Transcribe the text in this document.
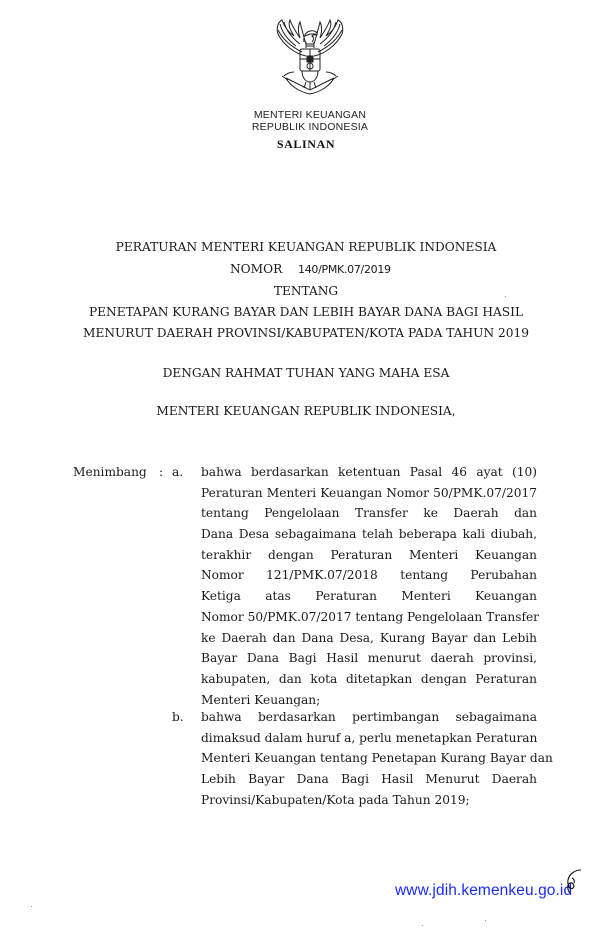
MENTERI KEUANGAN
REPUBLIK INDONESIA
SALINAN
PERATURAN MENTERI KEUANGAN REPUBLIK INDONESIA
NOMOR 140/PMK.07/2019
TENTANG
PENETAPAN KURANG BAYAR DAN LEBIH BAYAR DANA BAGI HASIL
MENURUT DAERAH PROVINSI/KABUPATEN/KOTA PADA TAHUN 2019
DENGAN RAHMAT TUHAN YANG MAHA ESA
MENTERI KEUANGAN REPUBLIK INDONESIA,
Menimbang : a. bahwa berdasarkan ketentuan Pasal 46 ayat (10)
Peraturan Menteri Keuangan Nomor 50/PMK.07/2017
tentang Pengelolaan Transfer ke Daerah dan
Dana Desa sebagaimana telah beberapa kali diubah,
terakhir dengan Peraturan Menteri Keuangan
Nomor 121/PMK.07/2018 tentang Perubahan
Ketiga atas Peraturan Menteri Keuangan
Nomor 50/PMK.07/2017 tentang Pengelolaan Transfer
ke Daerah dan Dana Desa, Kurang Bayar dan Lebih
Bayar Dana Bagi Hasil menurut daerah provinsi,
kabupaten, dan kota ditetapkan dengan Peraturan
Menteri Keuangan;
b. bahwa berdasarkan pertimbangan sebagaimana
dimaksud dalam huruf a, perlu menetapkan Peraturan
Menteri Keuangan tentang Penetapan Kurang Bayar dan
Lebih Bayar Dana Bagi Hasil Menurut Daerah
Provinsi/Kabupaten/Kota pada Tahun 2019;
www.jdih.kemenkeu.go.id
